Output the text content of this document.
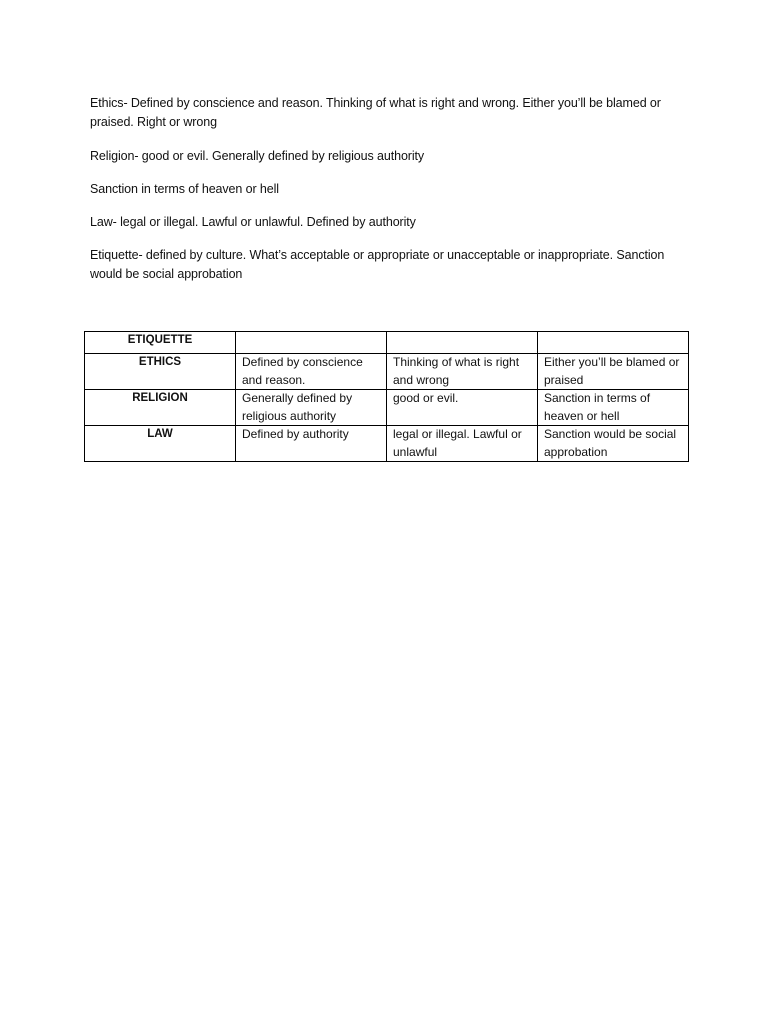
Ethics- Defined by conscience and reason. Thinking of what is right and wrong. Either you’ll be blamed or praised. Right or wrong
Religion- good or evil. Generally defined by religious authority
Sanction in terms of heaven or hell
Law- legal or illegal. Lawful or unlawful. Defined by authority
Etiquette- defined by culture. What’s acceptable or appropriate or unacceptable or inappropriate. Sanction would be social approbation
ETIQUETTE			
ETHICS	Defined by conscience and reason.	Thinking of what is right and wrong	Either you’ll be blamed or praised
RELIGION	Generally defined by religious authority	good or evil.	Sanction in terms of heaven or hell
LAW	Defined by authority	legal or illegal. Lawful or unlawful	Sanction would be social approbation
